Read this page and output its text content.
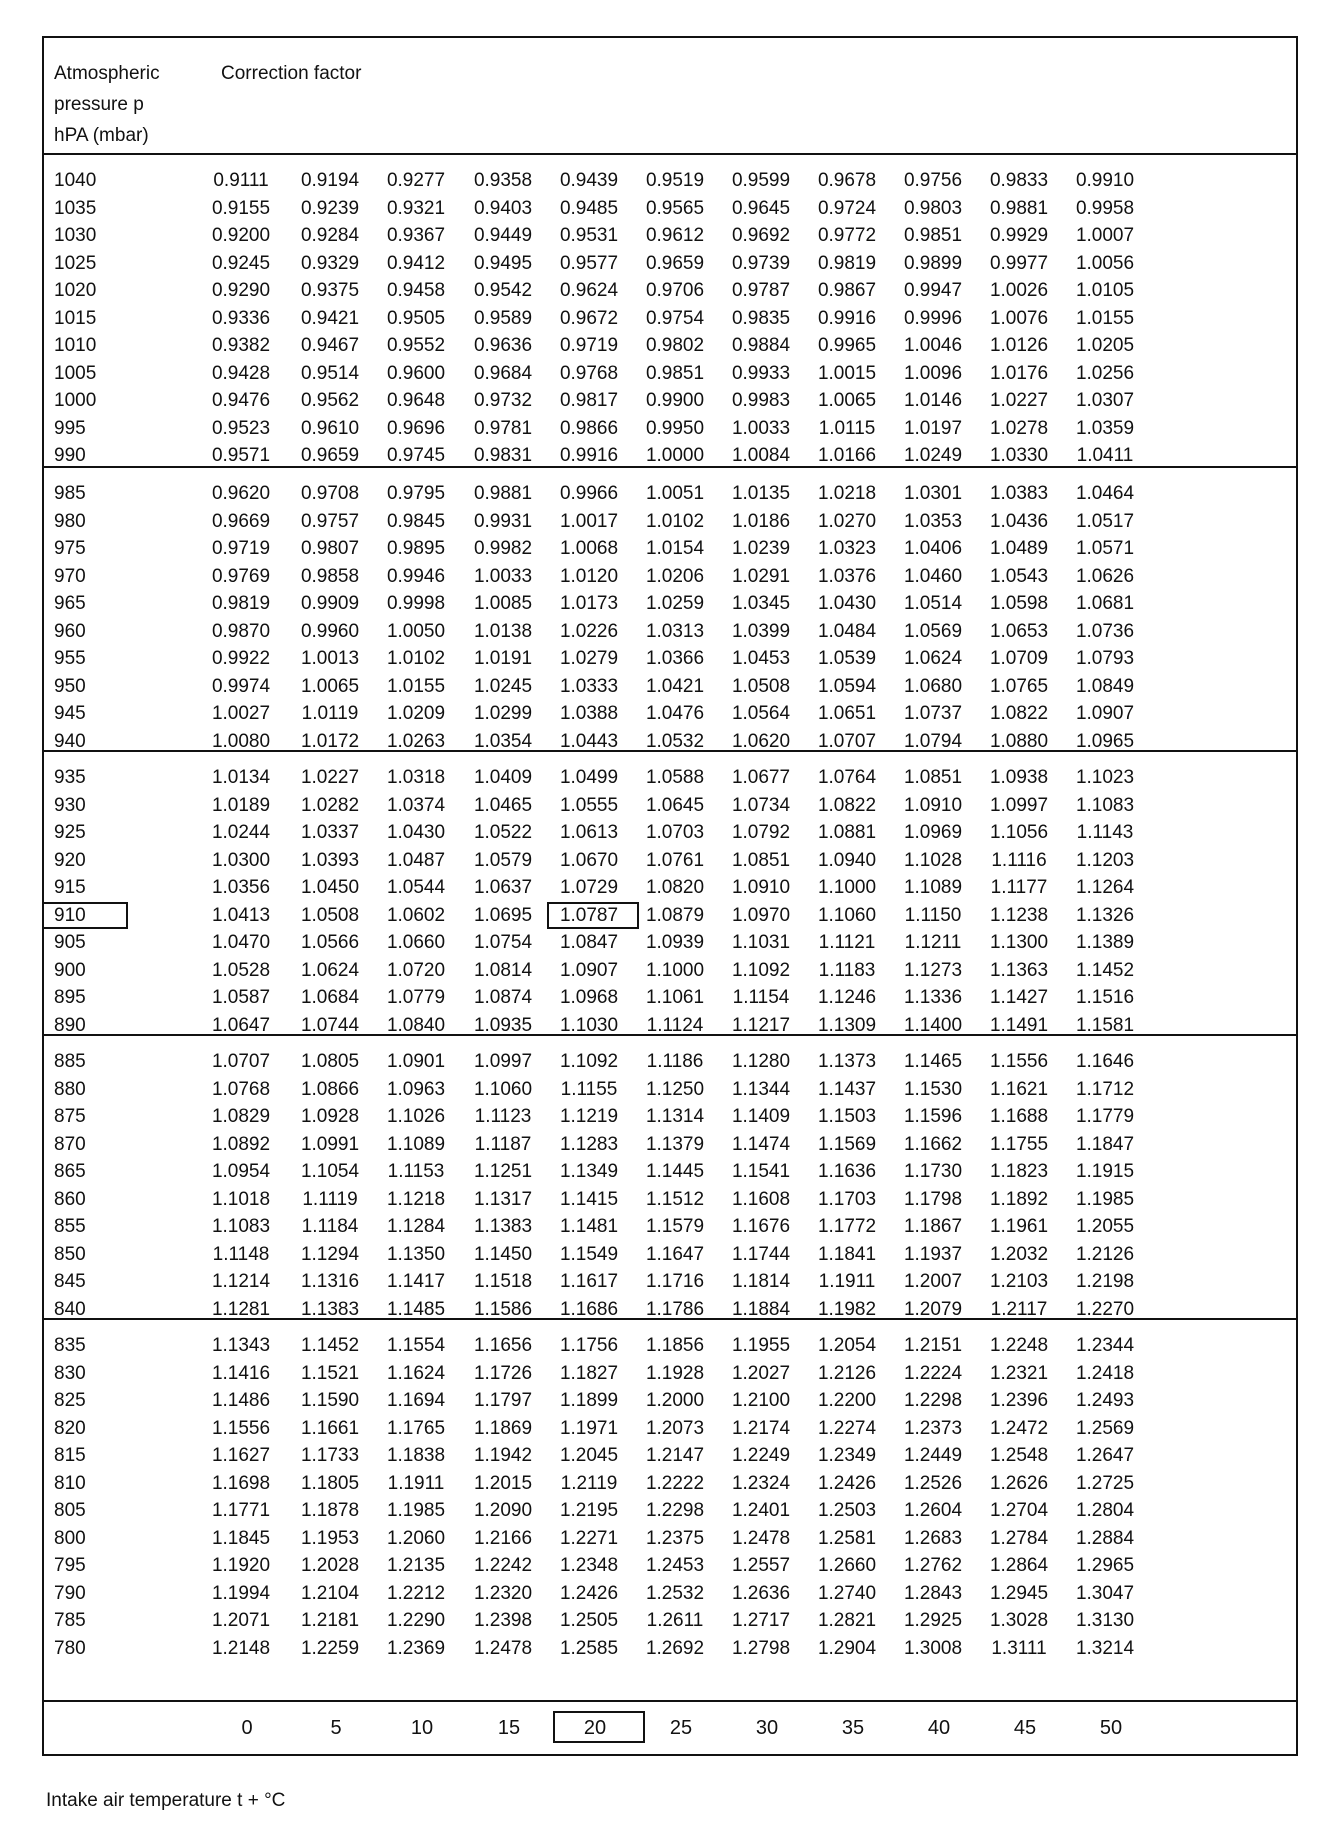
Atmospheric
pressure p
hPA (mbar)
Correction factor
1040	0.9111	0.9194	0.9277	0.9358	0.9439	0.9519	0.9599	0.9678	0.9756	0.9833	0.9910
1035	0.9155	0.9239	0.9321	0.9403	0.9485	0.9565	0.9645	0.9724	0.9803	0.9881	0.9958
1030	0.9200	0.9284	0.9367	0.9449	0.9531	0.9612	0.9692	0.9772	0.9851	0.9929	1.0007
1025	0.9245	0.9329	0.9412	0.9495	0.9577	0.9659	0.9739	0.9819	0.9899	0.9977	1.0056
1020	0.9290	0.9375	0.9458	0.9542	0.9624	0.9706	0.9787	0.9867	0.9947	1.0026	1.0105
1015	0.9336	0.9421	0.9505	0.9589	0.9672	0.9754	0.9835	0.9916	0.9996	1.0076	1.0155
1010	0.9382	0.9467	0.9552	0.9636	0.9719	0.9802	0.9884	0.9965	1.0046	1.0126	1.0205
1005	0.9428	0.9514	0.9600	0.9684	0.9768	0.9851	0.9933	1.0015	1.0096	1.0176	1.0256
1000	0.9476	0.9562	0.9648	0.9732	0.9817	0.9900	0.9983	1.0065	1.0146	1.0227	1.0307
995	0.9523	0.9610	0.9696	0.9781	0.9866	0.9950	1.0033	1.0115	1.0197	1.0278	1.0359
990	0.9571	0.9659	0.9745	0.9831	0.9916	1.0000	1.0084	1.0166	1.0249	1.0330	1.0411
985	0.9620	0.9708	0.9795	0.9881	0.9966	1.0051	1.0135	1.0218	1.0301	1.0383	1.0464
980	0.9669	0.9757	0.9845	0.9931	1.0017	1.0102	1.0186	1.0270	1.0353	1.0436	1.0517
975	0.9719	0.9807	0.9895	0.9982	1.0068	1.0154	1.0239	1.0323	1.0406	1.0489	1.0571
970	0.9769	0.9858	0.9946	1.0033	1.0120	1.0206	1.0291	1.0376	1.0460	1.0543	1.0626
965	0.9819	0.9909	0.9998	1.0085	1.0173	1.0259	1.0345	1.0430	1.0514	1.0598	1.0681
960	0.9870	0.9960	1.0050	1.0138	1.0226	1.0313	1.0399	1.0484	1.0569	1.0653	1.0736
955	0.9922	1.0013	1.0102	1.0191	1.0279	1.0366	1.0453	1.0539	1.0624	1.0709	1.0793
950	0.9974	1.0065	1.0155	1.0245	1.0333	1.0421	1.0508	1.0594	1.0680	1.0765	1.0849
945	1.0027	1.0119	1.0209	1.0299	1.0388	1.0476	1.0564	1.0651	1.0737	1.0822	1.0907
940	1.0080	1.0172	1.0263	1.0354	1.0443	1.0532	1.0620	1.0707	1.0794	1.0880	1.0965
935	1.0134	1.0227	1.0318	1.0409	1.0499	1.0588	1.0677	1.0764	1.0851	1.0938	1.1023
930	1.0189	1.0282	1.0374	1.0465	1.0555	1.0645	1.0734	1.0822	1.0910	1.0997	1.1083
925	1.0244	1.0337	1.0430	1.0522	1.0613	1.0703	1.0792	1.0881	1.0969	1.1056	1.1143
920	1.0300	1.0393	1.0487	1.0579	1.0670	1.0761	1.0851	1.0940	1.1028	1.1116	1.1203
915	1.0356	1.0450	1.0544	1.0637	1.0729	1.0820	1.0910	1.1000	1.1089	1.1177	1.1264
910	1.0413	1.0508	1.0602	1.0695	1.0787	1.0879	1.0970	1.1060	1.1150	1.1238	1.1326
905	1.0470	1.0566	1.0660	1.0754	1.0847	1.0939	1.1031	1.1121	1.1211	1.1300	1.1389
900	1.0528	1.0624	1.0720	1.0814	1.0907	1.1000	1.1092	1.1183	1.1273	1.1363	1.1452
895	1.0587	1.0684	1.0779	1.0874	1.0968	1.1061	1.1154	1.1246	1.1336	1.1427	1.1516
890	1.0647	1.0744	1.0840	1.0935	1.1030	1.1124	1.1217	1.1309	1.1400	1.1491	1.1581
885	1.0707	1.0805	1.0901	1.0997	1.1092	1.1186	1.1280	1.1373	1.1465	1.1556	1.1646
880	1.0768	1.0866	1.0963	1.1060	1.1155	1.1250	1.1344	1.1437	1.1530	1.1621	1.1712
875	1.0829	1.0928	1.1026	1.1123	1.1219	1.1314	1.1409	1.1503	1.1596	1.1688	1.1779
870	1.0892	1.0991	1.1089	1.1187	1.1283	1.1379	1.1474	1.1569	1.1662	1.1755	1.1847
865	1.0954	1.1054	1.1153	1.1251	1.1349	1.1445	1.1541	1.1636	1.1730	1.1823	1.1915
860	1.1018	1.1119	1.1218	1.1317	1.1415	1.1512	1.1608	1.1703	1.1798	1.1892	1.1985
855	1.1083	1.1184	1.1284	1.1383	1.1481	1.1579	1.1676	1.1772	1.1867	1.1961	1.2055
850	1.1148	1.1294	1.1350	1.1450	1.1549	1.1647	1.1744	1.1841	1.1937	1.2032	1.2126
845	1.1214	1.1316	1.1417	1.1518	1.1617	1.1716	1.1814	1.1911	1.2007	1.2103	1.2198
840	1.1281	1.1383	1.1485	1.1586	1.1686	1.1786	1.1884	1.1982	1.2079	1.2117	1.2270
835	1.1343	1.1452	1.1554	1.1656	1.1756	1.1856	1.1955	1.2054	1.2151	1.2248	1.2344
830	1.1416	1.1521	1.1624	1.1726	1.1827	1.1928	1.2027	1.2126	1.2224	1.2321	1.2418
825	1.1486	1.1590	1.1694	1.1797	1.1899	1.2000	1.2100	1.2200	1.2298	1.2396	1.2493
820	1.1556	1.1661	1.1765	1.1869	1.1971	1.2073	1.2174	1.2274	1.2373	1.2472	1.2569
815	1.1627	1.1733	1.1838	1.1942	1.2045	1.2147	1.2249	1.2349	1.2449	1.2548	1.2647
810	1.1698	1.1805	1.1911	1.2015	1.2119	1.2222	1.2324	1.2426	1.2526	1.2626	1.2725
805	1.1771	1.1878	1.1985	1.2090	1.2195	1.2298	1.2401	1.2503	1.2604	1.2704	1.2804
800	1.1845	1.1953	1.2060	1.2166	1.2271	1.2375	1.2478	1.2581	1.2683	1.2784	1.2884
795	1.1920	1.2028	1.2135	1.2242	1.2348	1.2453	1.2557	1.2660	1.2762	1.2864	1.2965
790	1.1994	1.2104	1.2212	1.2320	1.2426	1.2532	1.2636	1.2740	1.2843	1.2945	1.3047
785	1.2071	1.2181	1.2290	1.2398	1.2505	1.2611	1.2717	1.2821	1.2925	1.3028	1.3130
780	1.2148	1.2259	1.2369	1.2478	1.2585	1.2692	1.2798	1.2904	1.3008	1.3111	1.3214
0	5	10	15	20	25	30	35	40	45	50
Intake air temperature t + °C
